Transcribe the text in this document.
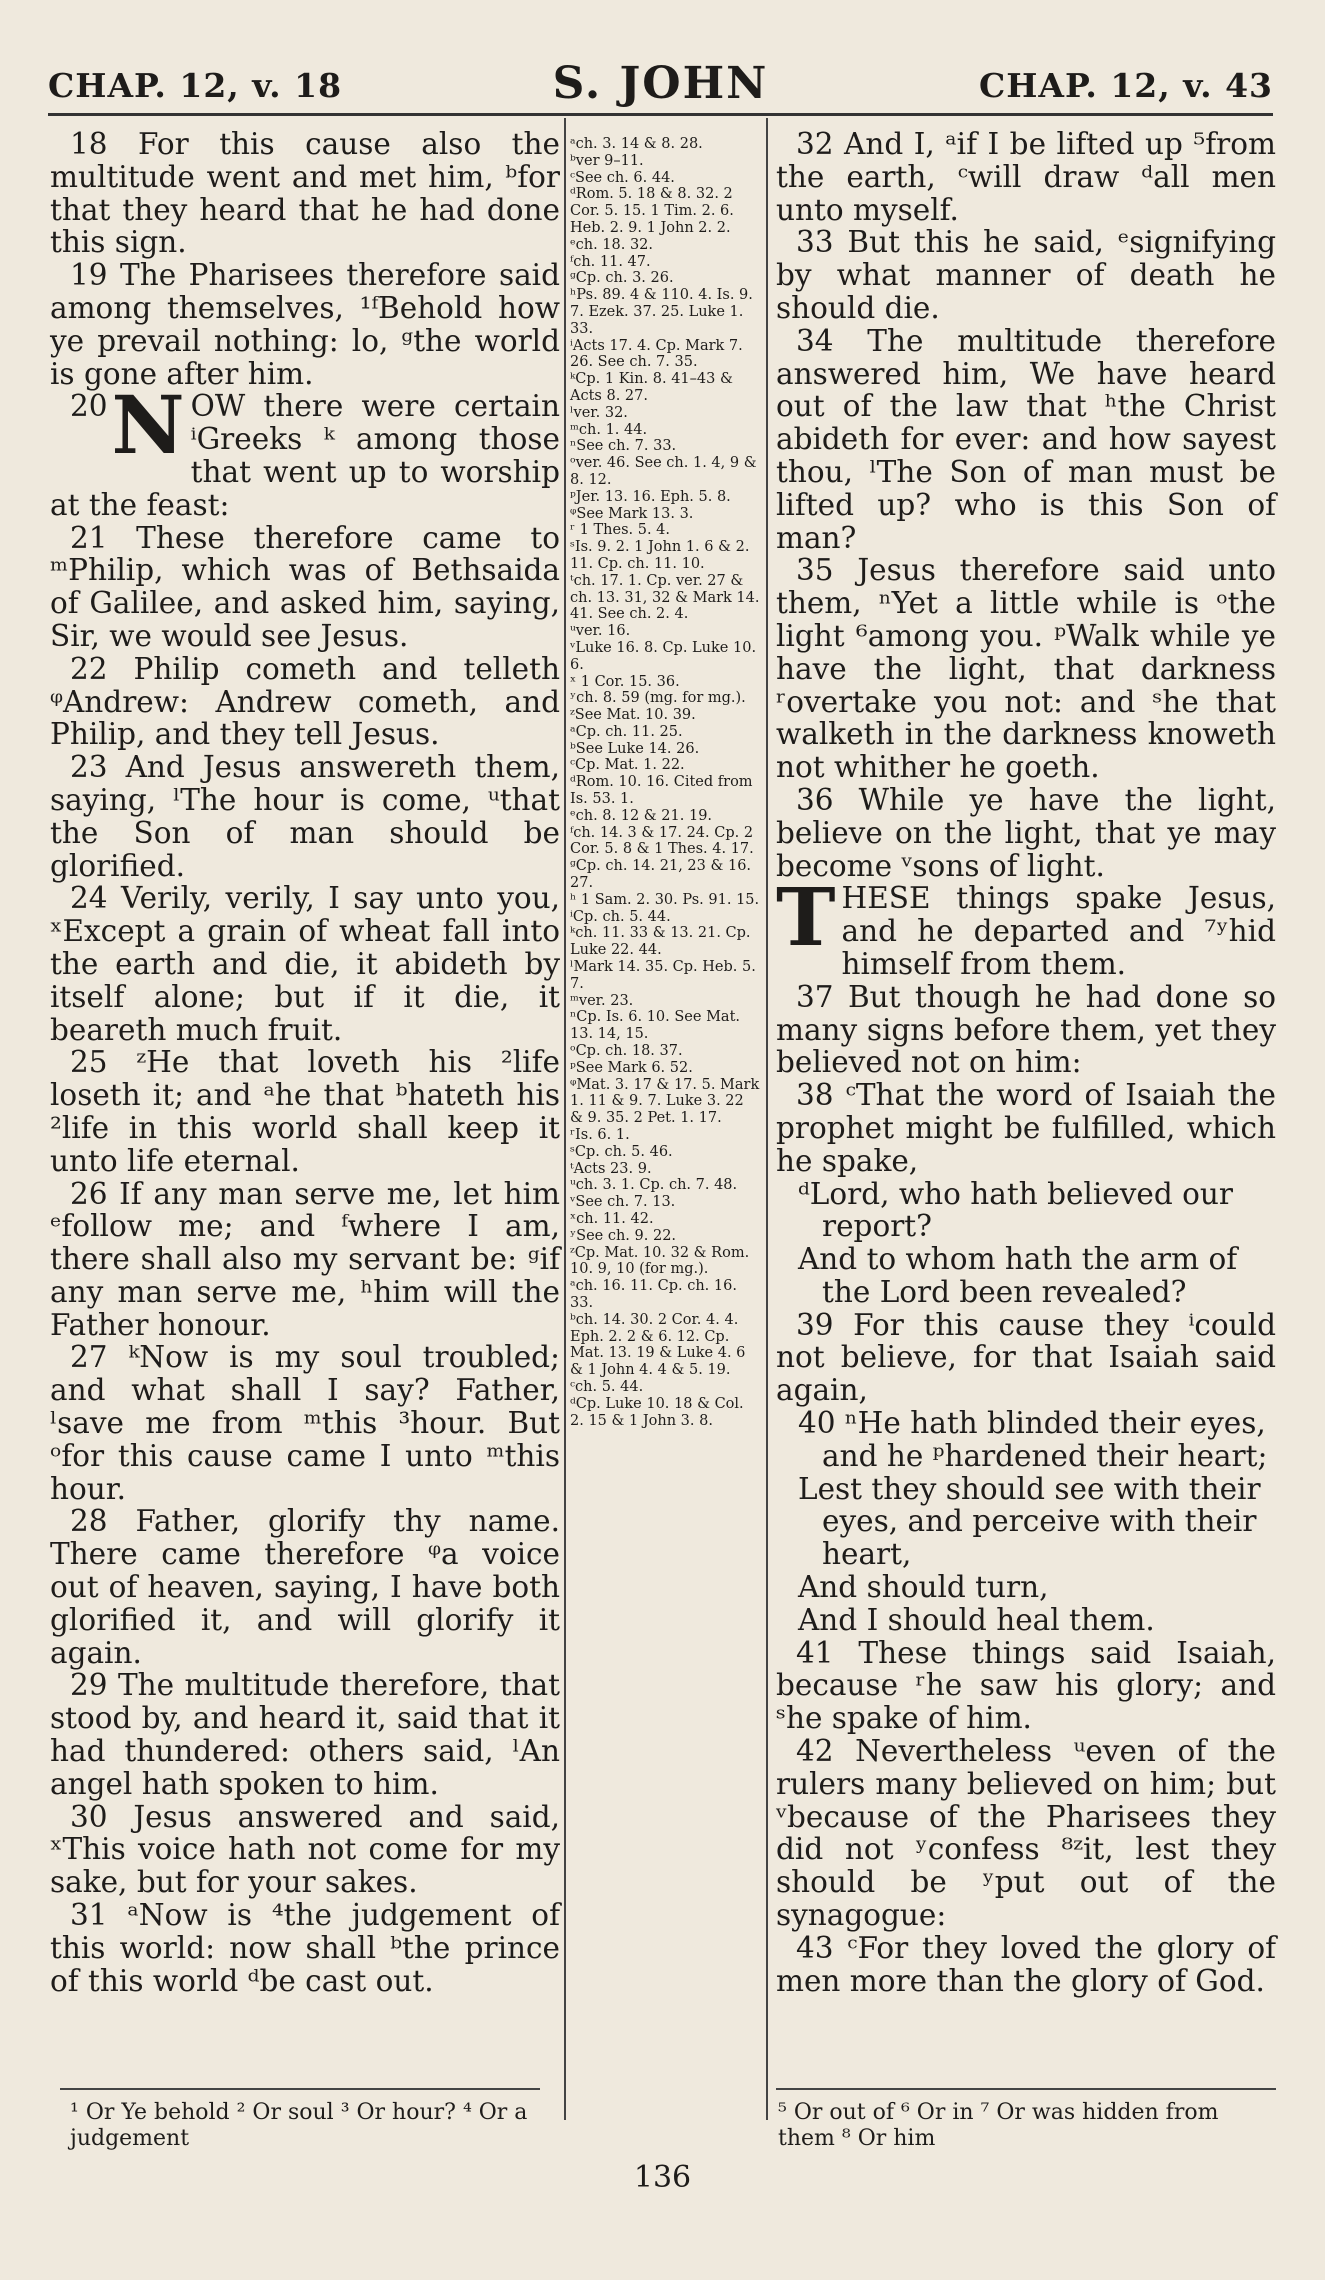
CHAP. 12, v. 18	S. JOHN	CHAP. 12, v. 43

18 For this cause also the multitude went and met him, ᵇfor that they heard that he had done this sign.

19 The Pharisees therefore said among themselves, ¹ᶠBehold how ye prevail nothing: lo, ᵍthe world is gone after him.

20 N OW there were certain ⁱGreeks ᵏ among those that went up to worship at the feast:

21 These therefore came to ᵐPhilip, which was of Bethsaida of Galilee, and asked him, saying, Sir, we would see Jesus.

22 Philip cometh and telleth ᵠAndrew: Andrew cometh, and Philip, and they tell Jesus.

23 And Jesus answereth them, saying, ˡThe hour is come, ᵘthat the Son of man should be glorified.

24 Verily, verily, I say unto you, ˣExcept a grain of wheat fall into the earth and die, it abideth by itself alone; but if it die, it beareth much fruit.

25 ᶻHe that loveth his ²life loseth it; and ᵃhe that ᵇhateth his ²life in this world shall keep it unto life eternal.

26 If any man serve me, let him ᵉfollow me; and ᶠwhere I am, there shall also my servant be: ᵍif any man serve me, ʰhim will the Father honour.

27 ᵏNow is my soul troubled; and what shall I say? Father, ˡsave me from ᵐthis ³hour. But ᵒfor this cause came I unto ᵐthis hour.

28 Father, glorify thy name. There came therefore ᵠa voice out of heaven, saying, I have both glorified it, and will glorify it again.

29 The multitude therefore, that stood by, and heard it, said that it had thundered: others said, ˡAn angel hath spoken to him.

30 Jesus answered and said, ˣThis voice hath not come for my sake, but for your sakes.

31 ᵃNow is ⁴the judgement of this world: now shall ᵇthe prince of this world ᵈbe cast out.

ᵃch. 3. 14 & 8. 28.

ᵇver 9–11.

ᶜSee ch. 6. 44.

ᵈRom. 5. 18 & 8. 32. 2 Cor. 5. 15. 1 Tim. 2. 6. Heb. 2. 9. 1 John 2. 2.

ᵉch. 18. 32.

ᶠch. 11. 47.

ᵍCp. ch. 3. 26.

ʰPs. 89. 4 & 110. 4. Is. 9. 7. Ezek. 37. 25. Luke 1. 33.

ⁱActs 17. 4. Cp. Mark 7. 26. See ch. 7. 35.

ᵏCp. 1 Kin. 8. 41–43 & Acts 8. 27.

ˡver. 32.

ᵐch. 1. 44.

ⁿSee ch. 7. 33.

ᵒver. 46. See ch. 1. 4, 9 & 8. 12.

ᵖJer. 13. 16. Eph. 5. 8.

ᵠSee Mark 13. 3.

ʳ 1 Thes. 5. 4.

ˢIs. 9. 2. 1 John 1. 6 & 2. 11. Cp. ch. 11. 10.

ᵗch. 17. 1. Cp. ver. 27 & ch. 13. 31, 32 & Mark 14. 41. See ch. 2. 4.

ᵘver. 16.

ᵛLuke 16. 8. Cp. Luke 10. 6.

ˣ 1 Cor. 15. 36.

ʸch. 8. 59 (mg. for mg.).

ᶻSee Mat. 10. 39.

ᵃCp. ch. 11. 25.

ᵇSee Luke 14. 26.

ᶜCp. Mat. 1. 22.

ᵈRom. 10. 16. Cited from Is. 53. 1.

ᵉch. 8. 12 & 21. 19.

ᶠch. 14. 3 & 17. 24. Cp. 2 Cor. 5. 8 & 1 Thes. 4. 17.

ᵍCp. ch. 14. 21, 23 & 16. 27.

ʰ 1 Sam. 2. 30. Ps. 91. 15.

ⁱCp. ch. 5. 44.

ᵏch. 11. 33 & 13. 21. Cp. Luke 22. 44.

ˡMark 14. 35. Cp. Heb. 5. 7.

ᵐver. 23.

ⁿCp. Is. 6. 10. See Mat. 13. 14, 15.

ᵒCp. ch. 18. 37.

ᵖSee Mark 6. 52.

ᵠMat. 3. 17 & 17. 5. Mark 1. 11 & 9. 7. Luke 3. 22 & 9. 35. 2 Pet. 1. 17.

ʳIs. 6. 1.

ˢCp. ch. 5. 46.

ᵗActs 23. 9.

ᵘch. 3. 1. Cp. ch. 7. 48.

ᵛSee ch. 7. 13.

ˣch. 11. 42.

ʸSee ch. 9. 22.

ᶻCp. Mat. 10. 32 & Rom. 10. 9, 10 (for mg.).

ᵃch. 16. 11. Cp. ch. 16. 33.

ᵇch. 14. 30. 2 Cor. 4. 4. Eph. 2. 2 & 6. 12. Cp. Mat. 13. 19 & Luke 4. 6 & 1 John 4. 4 & 5. 19.

ᶜch. 5. 44.

ᵈCp. Luke 10. 18 & Col. 2. 15 & 1 John 3. 8.

32 And I, ᵃif I be lifted up ⁵from the earth, ᶜwill draw ᵈall men unto myself.

33 But this he said, ᵉsignifying by what manner of death he should die.

34 The multitude therefore answered him, We have heard out of the law that ʰthe Christ abideth for ever: and how sayest thou, ˡThe Son of man must be lifted up? who is this Son of man?

35 Jesus therefore said unto them, ⁿYet a little while is ᵒthe light ⁶among you. ᵖWalk while ye have the light, that darkness ʳovertake you not: and ˢhe that walketh in the darkness knoweth not whither he goeth.

36 While ye have the light, believe on the light, that ye may become ᵛsons of light.

THESE things spake Jesus, and he departed and ⁷ʸhid himself from them.

37 But though he had done so many signs before them, yet they believed not on him:

38 ᶜThat the word of Isaiah the prophet might be fulfilled, which he spake,

ᵈLord, who hath believed our report?

And to whom hath the arm of the Lord been revealed?

39 For this cause they ⁱcould not believe, for that Isaiah said again,

40 ⁿHe hath blinded their eyes, and he ᵖhardened their heart;

Lest they should see with their eyes, and perceive with their heart,

And should turn,

And I should heal them.

41 These things said Isaiah, because ʳhe saw his glory; and ˢhe spake of him.

42 Nevertheless ᵘeven of the rulers many believed on him; but ᵛbecause of the Pharisees they did not ʸconfess ⁸ᶻit, lest they should be ʸput out of the synagogue:

43 ᶜFor they loved the glory of men more than the glory of God.

¹ Or Ye behold ² Or soul ³ Or hour? ⁴ Or a judgement
⁵ Or out of ⁶ Or in ⁷ Or was hidden from them ⁸ Or him
136
